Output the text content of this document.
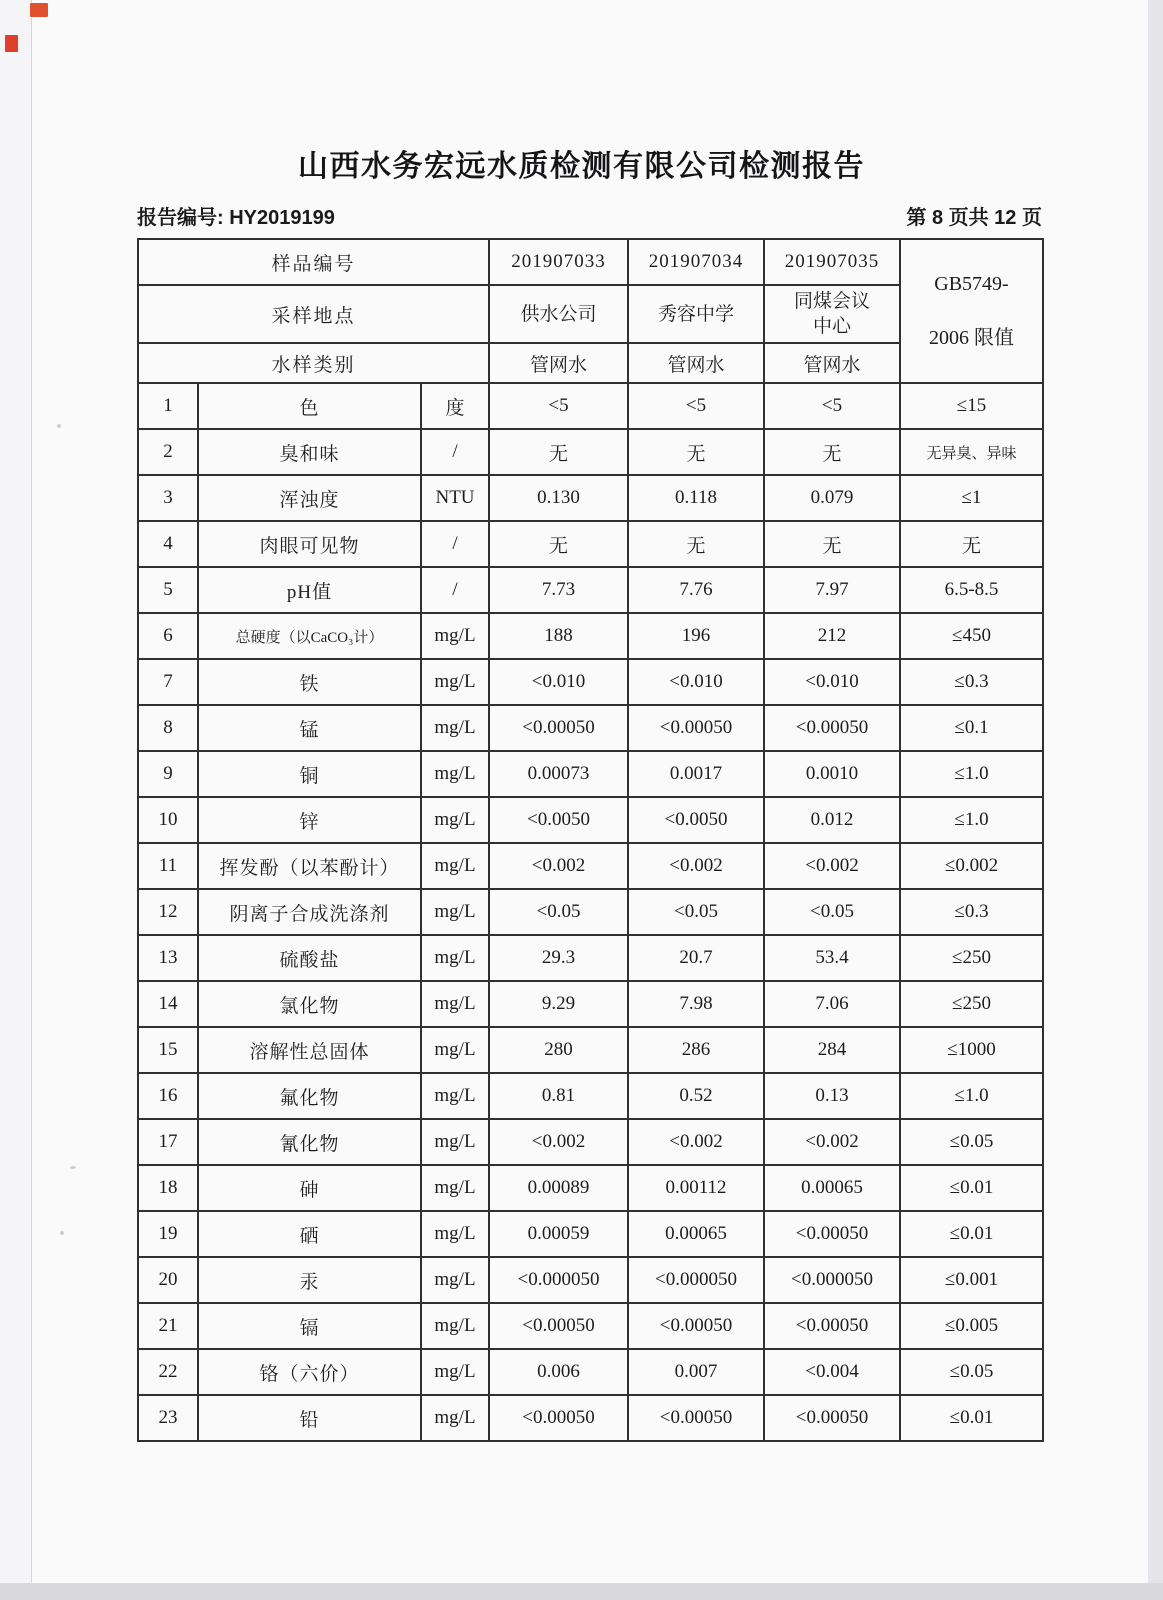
山西水务宏远水质检测有限公司检测报告
报告编号: HY2019199	第 8 页共 12 页
样品编号			201907033	201907034	201907035	GB5749-
2006 限值

采样地点			供水公司	秀容中学	同煤会议中心	
水样类别			管网水	管网水	管网水	
1	色	度	<5	<5	<5	≤15
2	臭和味	/	无	无	无	无异臭、异味
3	浑浊度	NTU	0.130	0.118	0.079	≤1
4	肉眼可见物	/	无	无	无	无
5	pH值	/	7.73	7.76	7.97	6.5-8.5
6	总硬度（以CaCO₃计）	mg/L	188	196	212	≤450
7	铁	mg/L	<0.010	<0.010	<0.010	≤0.3
8	锰	mg/L	<0.00050	<0.00050	<0.00050	≤0.1
9	铜	mg/L	0.00073	0.0017	0.0010	≤1.0
10	锌	mg/L	<0.0050	<0.0050	0.012	≤1.0
11	挥发酚（以苯酚计）	mg/L	<0.002	<0.002	<0.002	≤0.002
12	阴离子合成洗涤剂	mg/L	<0.05	<0.05	<0.05	≤0.3
13	硫酸盐	mg/L	29.3	20.7	53.4	≤250
14	氯化物	mg/L	9.29	7.98	7.06	≤250
15	溶解性总固体	mg/L	280	286	284	≤1000
16	氟化物	mg/L	0.81	0.52	0.13	≤1.0
17	氰化物	mg/L	<0.002	<0.002	<0.002	≤0.05
18	砷	mg/L	0.00089	0.00112	0.00065	≤0.01
19	硒	mg/L	0.00059	0.00065	<0.00050	≤0.01
20	汞	mg/L	<0.000050	<0.000050	<0.000050	≤0.001
21	镉	mg/L	<0.00050	<0.00050	<0.00050	≤0.005
22	铬（六价）	mg/L	0.006	0.007	<0.004	≤0.05
23	铅	mg/L	<0.00050	<0.00050	<0.00050	≤0.01
